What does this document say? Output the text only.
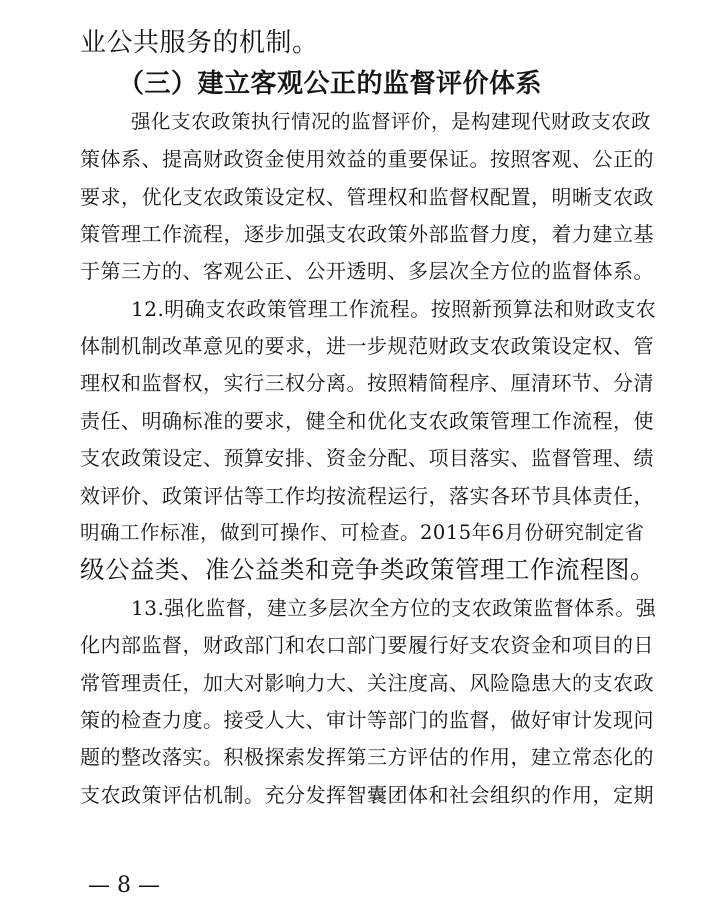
业公共服务的机制。
（三）建立客观公正的监督评价体系
强化支农政策执行情况的监督评价，是构建现代财政支农政
策体系、提高财政资金使用效益的重要保证。按照客观、公正的
要求，优化支农政策设定权、管理权和监督权配置，明晰支农政
策管理工作流程，逐步加强支农政策外部监督力度，着力建立基
于第三方的、客观公正、公开透明、多层次全方位的监督体系。
12.明确支农政策管理工作流程。按照新预算法和财政支农
体制机制改革意见的要求，进一步规范财政支农政策设定权、管
理权和监督权，实行三权分离。按照精简程序、厘清环节、分清
责任、明确标准的要求，健全和优化支农政策管理工作流程，使
支农政策设定、预算安排、资金分配、项目落实、监督管理、绩
效评价、政策评估等工作均按流程运行，落实各环节具体责任，
明确工作标准，做到可操作、可检查。2015年6月份研究制定省
级公益类、准公益类和竞争类政策管理工作流程图。
13.强化监督，建立多层次全方位的支农政策监督体系。强
化内部监督，财政部门和农口部门要履行好支农资金和项目的日
常管理责任，加大对影响力大、关注度高、风险隐患大的支农政
策的检查力度。接受人大、审计等部门的监督，做好审计发现问
题的整改落实。积极探索发挥第三方评估的作用，建立常态化的
支农政策评估机制。充分发挥智囊团体和社会组织的作用，定期
— 8 —
